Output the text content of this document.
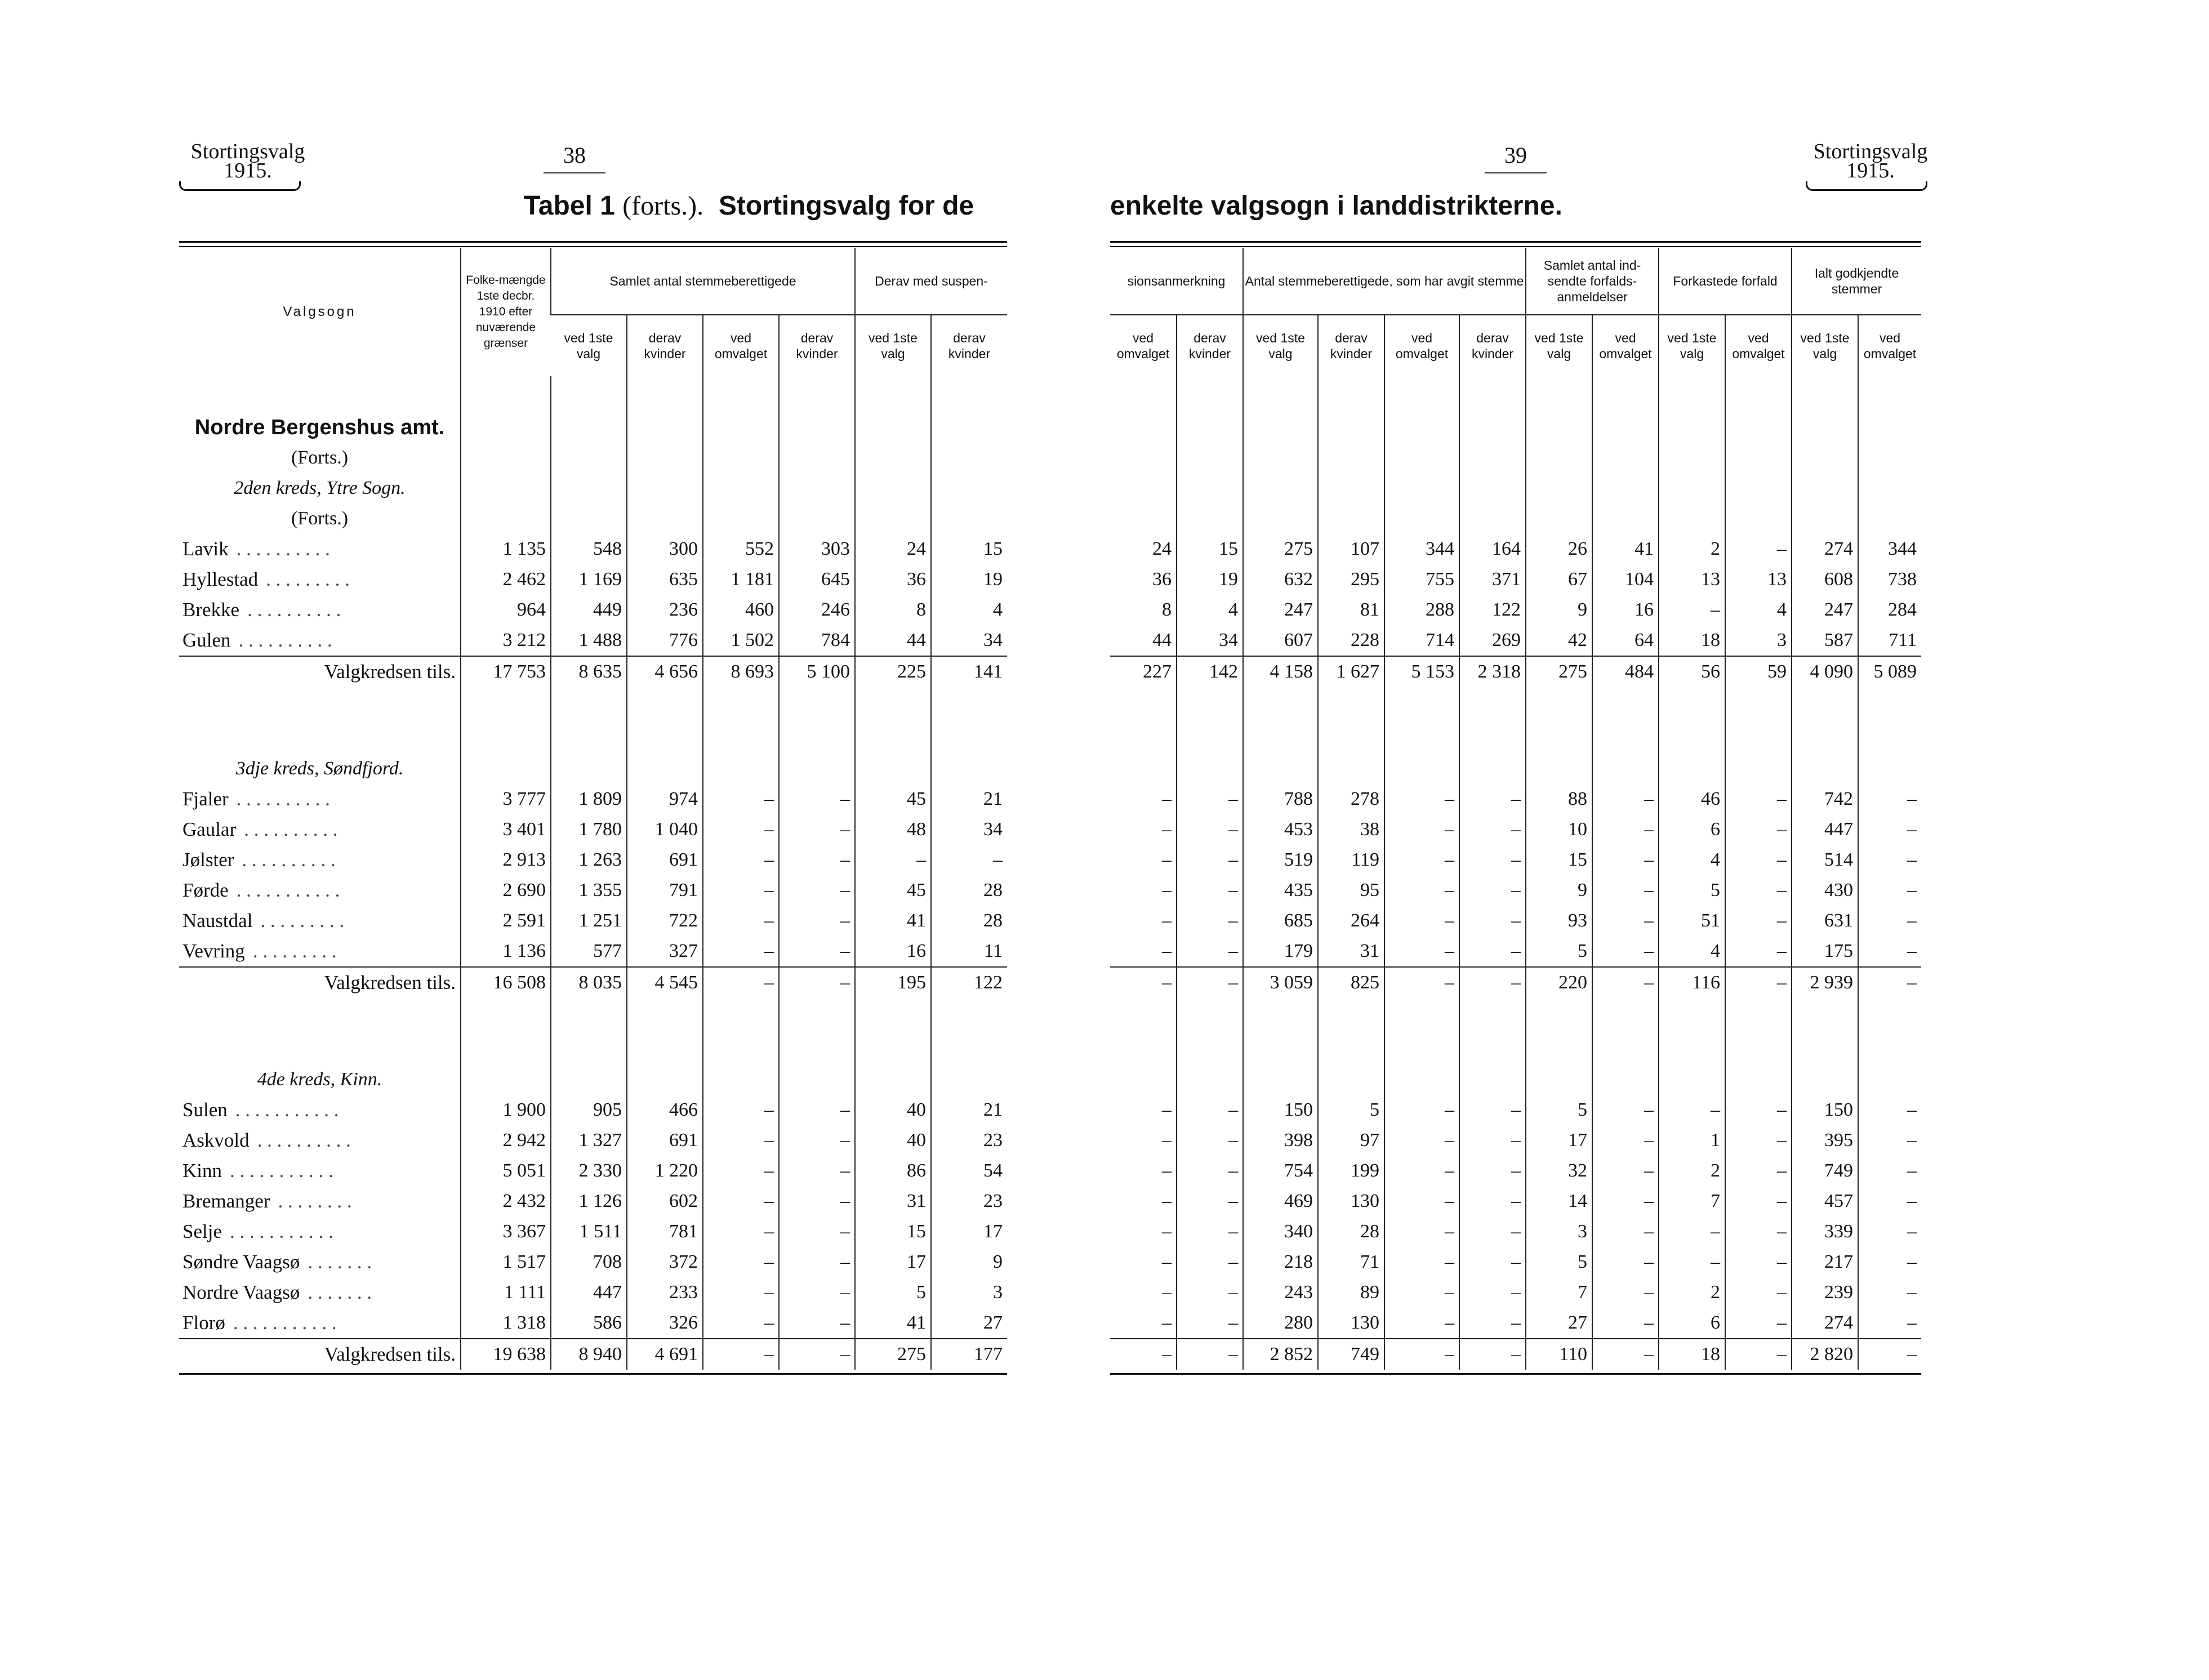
Stortingsvalg
1915.
38
Tabel 1 (forts.). Stortingsvalg for de
Valgsogn	Folke-mængde 1ste decbr. 1910 efter nuværende grænser	Samlet antal stemmeberettigede				Derav med suspen-	
		ved 1ste valg	derav kvinder	ved omvalget	derav kvinder	ved 1ste valg	derav kvinder

Nordre Bergenshus amt.							
(Forts.)							
2den kreds, Ytre Sogn.							
(Forts.)							
Lavik . . . . . . . . . .	1 135	548	300	552	303	24	15
Hyllestad . . . . . . . . .	2 462	1 169	635	1 181	645	36	19
Brekke . . . . . . . . . .	964	449	236	460	246	8	4
Gulen . . . . . . . . . .	3 212	1 488	776	1 502	784	44	34
Valgkredsen tils.	17 753	8 635	4 656	8 693	5 100	225	141

3dje kreds, Søndfjord.							
Fjaler . . . . . . . . . .	3 777	1 809	974	–	–	45	21
Gaular . . . . . . . . . .	3 401	1 780	1 040	–	–	48	34
Jølster . . . . . . . . . .	2 913	1 263	691	–	–	–	–
Førde . . . . . . . . . . .	2 690	1 355	791	–	–	45	28
Naustdal . . . . . . . . .	2 591	1 251	722	–	–	41	28
Vevring . . . . . . . . .	1 136	577	327	–	–	16	11
Valgkredsen tils.	16 508	8 035	4 545	–	–	195	122

4de kreds, Kinn.							
Sulen . . . . . . . . . . .	1 900	905	466	–	–	40	21
Askvold . . . . . . . . . .	2 942	1 327	691	–	–	40	23
Kinn . . . . . . . . . . .	5 051	2 330	1 220	–	–	86	54
Bremanger . . . . . . . .	2 432	1 126	602	–	–	31	23
Selje . . . . . . . . . . .	3 367	1 511	781	–	–	15	17
Søndre Vaagsø . . . . . . .	1 517	708	372	–	–	17	9
Nordre Vaagsø . . . . . . .	1 111	447	233	–	–	5	3
Florø . . . . . . . . . . .	1 318	586	326	–	–	41	27
Valgkredsen tils.	19 638	8 940	4 691	–	–	275	177
39	Stortingsvalg
1915.
enkelte valgsogn i landdistrikterne.
sionsanmerkning		Antal stemmeberettigede, som har avgit stemme				Samlet antal ind-sendte forfalds-anmeldelser		Forkastede forfald		Ialt godkjendte stemmer	
ved omvalget	derav kvinder	ved 1ste valg	derav kvinder	ved omvalget	derav kvinder	ved 1ste valg	ved omvalget	ved 1ste valg	ved omvalget	ved 1ste valg	ved omvalget

24	15	275	107	344	164	26	41	2	–	274	344
36	19	632	295	755	371	67	104	13	13	608	738
8	4	247	81	288	122	9	16	–	4	247	284
44	34	607	228	714	269	42	64	18	3	587	711
227	142	4 158	1 627	5 153	2 318	275	484	56	59	4 090	5 089

–	–	788	278	–	–	88	–	46	–	742	–
–	–	453	38	–	–	10	–	6	–	447	–
–	–	519	119	–	–	15	–	4	–	514	–
–	–	435	95	–	–	9	–	5	–	430	–
–	–	685	264	–	–	93	–	51	–	631	–
–	–	179	31	–	–	5	–	4	–	175	–
–	–	3 059	825	–	–	220	–	116	–	2 939	–

–	–	150	5	–	–	5	–	–	–	150	–
–	–	398	97	–	–	17	–	1	–	395	–
–	–	754	199	–	–	32	–	2	–	749	–
–	–	469	130	–	–	14	–	7	–	457	–
–	–	340	28	–	–	3	–	–	–	339	–
–	–	218	71	–	–	5	–	–	–	217	–
–	–	243	89	–	–	7	–	2	–	239	–
–	–	280	130	–	–	27	–	6	–	274	–
–	–	2 852	749	–	–	110	–	18	–	2 820	–
